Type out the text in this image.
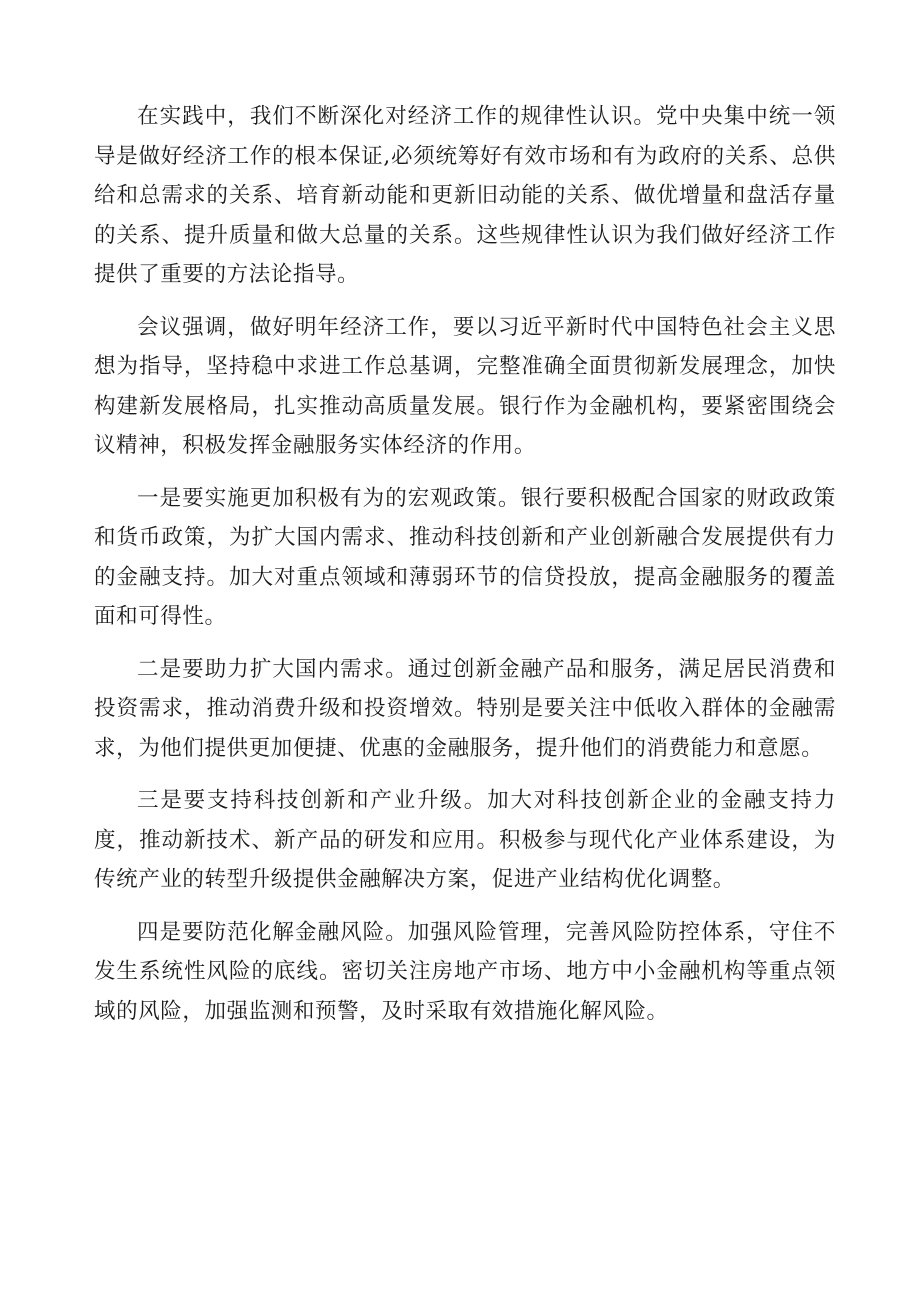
在实践中，我们不断深化对经济工作的规律性认识。党中央集中统一领导是做好经济工作的根本保证,必须统筹好有效市场和有为政府的关系、总供给和总需求的关系、培育新动能和更新旧动能的关系、做优增量和盘活存量的关系、提升质量和做大总量的关系。这些规律性认识为我们做好经济工作提供了重要的方法论指导。

会议强调，做好明年经济工作，要以习近平新时代中国特色社会主义思想为指导，坚持稳中求进工作总基调，完整准确全面贯彻新发展理念，加快构建新发展格局，扎实推动高质量发展。银行作为金融机构，要紧密围绕会议精神，积极发挥金融服务实体经济的作用。

一是要实施更加积极有为的宏观政策。银行要积极配合国家的财政政策和货币政策，为扩大国内需求、推动科技创新和产业创新融合发展提供有力的金融支持。加大对重点领域和薄弱环节的信贷投放，提高金融服务的覆盖面和可得性。

二是要助力扩大国内需求。通过创新金融产品和服务，满足居民消费和投资需求，推动消费升级和投资增效。特别是要关注中低收入群体的金融需求，为他们提供更加便捷、优惠的金融服务，提升他们的消费能力和意愿。

三是要支持科技创新和产业升级。加大对科技创新企业的金融支持力度，推动新技术、新产品的研发和应用。积极参与现代化产业体系建设，为传统产业的转型升级提供金融解决方案，促进产业结构优化调整。

四是要防范化解金融风险。加强风险管理，完善风险防控体系，守住不发生系统性风险的底线。密切关注房地产市场、地方中小金融机构等重点领域的风险，加强监测和预警，及时采取有效措施化解风险。
